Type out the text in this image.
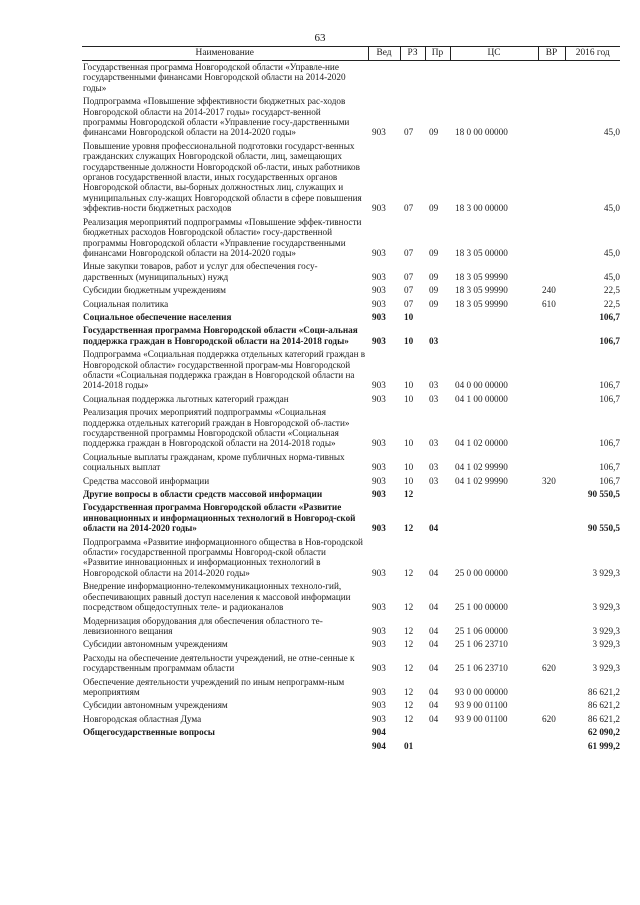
63
Наименование	Вед	РЗ	Пр	ЦС	ВР	2016 год
Государственная программа Новгородской области «Управле-ние государственными финансами Новгородской области на 2014-2020 годы»						
Подпрограмма «Повышение эффективности бюджетных рас-ходов Новгородской области на 2014-2017 годы» государст-венной программы Новгородской области «Управление госу-дарственными финансами Новгородской области на 2014-2020 годы»	903	07	09	18 0 00 00000		45,0
Повышение уровня профессиональной подготовки государст-венных гражданских служащих Новгородской области, лиц, замещающих государственные должности Новгородской об-ласти, иных работников органов государственной власти, иных государственных органов Новгородской области, вы-борных должностных лиц, служащих и муниципальных слу-жащих Новгородской области в сфере повышения эффектив-ности бюджетных расходов	903	07	09	18 3 00 00000		45,0
Реализация мероприятий подпрограммы «Повышение эффек-тивности бюджетных расходов Новгородской области» госу-дарственной программы Новгородской области «Управление государственными финансами Новгородской области на 2014-2020 годы»	903	07	09	18 3 05 00000		45,0
Иные закупки товаров, работ и услуг для обеспечения госу-дарственных (муниципальных) нужд	903	07	09	18 3 05 99990		45,0
Субсидии бюджетным учреждениям	903	07	09	18 3 05 99990	240	22,5
Социальная политика	903	07	09	18 3 05 99990	610	22,5
Социальное обеспечение населения	903	10				106,7
Государственная программа Новгородской области «Соци-альная поддержка граждан в Новгородской области на 2014-2018 годы»	903	10	03			106,7
Подпрограмма «Социальная поддержка отдельных категорий граждан в Новгородской области» государственной програм-мы Новгородской области «Социальная поддержка граждан в Новгородской области на 2014-2018 годы»	903	10	03	04 0 00 00000		106,7
Социальная поддержка льготных категорий граждан	903	10	03	04 1 00 00000		106,7
Реализация прочих мероприятий подпрограммы «Социальная поддержка отдельных категорий граждан в Новгородской об-ласти» государственной программы Новгородской области «Социальная поддержка граждан в Новгородской области на 2014-2018 годы»	903	10	03	04 1 02 00000		106,7
Социальные выплаты гражданам, кроме публичных норма-тивных социальных выплат	903	10	03	04 1 02 99990		106,7
Средства массовой информации	903	10	03	04 1 02 99990	320	106,7
Другие вопросы в области средств массовой информации	903	12				90 550,5
Государственная программа Новгородской области «Развитие инновационных и информационных технологий в Новгород-ской области на 2014-2020 годы»	903	12	04			90 550,5
Подпрограмма «Развитие информационного общества в Нов-городской области» государственной программы Новгород-ской области «Развитие инновационных и информационных технологий в Новгородской области на 2014-2020 годы»	903	12	04	25 0 00 00000		3 929,3
Внедрение информационно-телекоммуникационных техноло-гий, обеспечивающих равный доступ населения к массовой информации посредством общедоступных теле- и радиоканалов	903	12	04	25 1 00 00000		3 929,3
Модернизация оборудования для обеспечения областного те-левизионного вещания	903	12	04	25 1 06 00000		3 929,3
Субсидии автономным учреждениям	903	12	04	25 1 06 23710		3 929,3
Расходы на обеспечение деятельности учреждений, не отне-сенные к государственным программам области	903	12	04	25 1 06 23710	620	3 929,3
Обеспечение деятельности учреждений по иным непрограмм-ным мероприятиям	903	12	04	93 0 00 00000		86 621,2
Субсидии автономным учреждениям	903	12	04	93 9 00 01100		86 621,2
Новгородская областная Дума	903	12	04	93 9 00 01100	620	86 621,2
Общегосударственные вопросы	904					62 090,2
	904	01				61 999,2
